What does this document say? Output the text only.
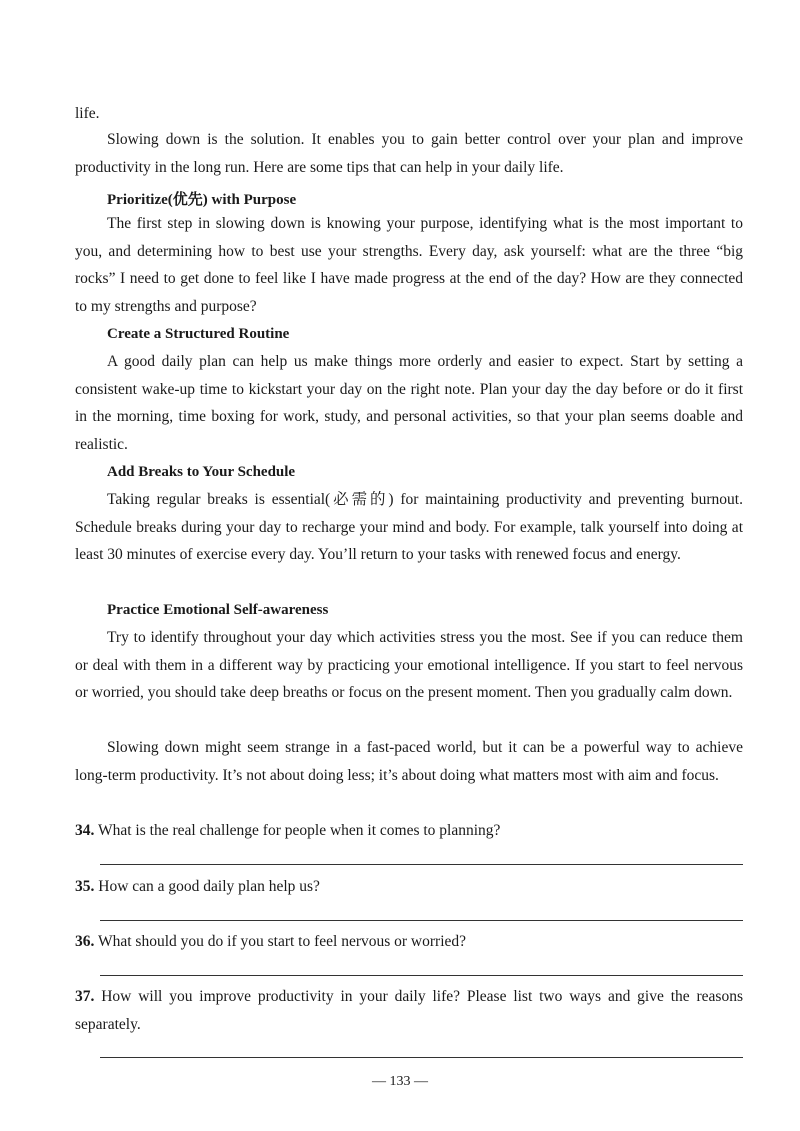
life.

Slowing down is the solution. It enables you to gain better control over your plan and improve productivity in the long run. Here are some tips that can help in your daily life.

Prioritize(优先) with Purpose

The first step in slowing down is knowing your purpose, identifying what is the most important to you, and determining how to best use your strengths. Every day, ask yourself: what are the three “big rocks” I need to get done to feel like I have made progress at the end of the day? How are they connected to my strengths and purpose?

Create a Structured Routine

A good daily plan can help us make things more orderly and easier to expect. Start by setting a consistent wake-up time to kickstart your day on the right note. Plan your day the day before or do it first in the morning, time boxing for work, study, and personal activities, so that your plan seems doable and realistic.

Add Breaks to Your Schedule

Taking regular breaks is essential(必需的) for maintaining productivity and preventing burnout. Schedule breaks during your day to recharge your mind and body. For example, talk yourself into doing at least 30 minutes of exercise every day. You’ll return to your tasks with renewed focus and energy.

Practice Emotional Self-awareness

Try to identify throughout your day which activities stress you the most. See if you can reduce them or deal with them in a different way by practicing your emotional intelligence. If you start to feel nervous or worried, you should take deep breaths or focus on the present moment. Then you gradually calm down.

Slowing down might seem strange in a fast-paced world, but it can be a powerful way to achieve long-term productivity. It’s not about doing less; it’s about doing what matters most with aim and focus.

34. What is the real challenge for people when it comes to planning?
35. How can a good daily plan help us?
36. What should you do if you start to feel nervous or worried?

37. How will you improve productivity in your daily life? Please list two ways and give the reasons separately.

— 133 —
